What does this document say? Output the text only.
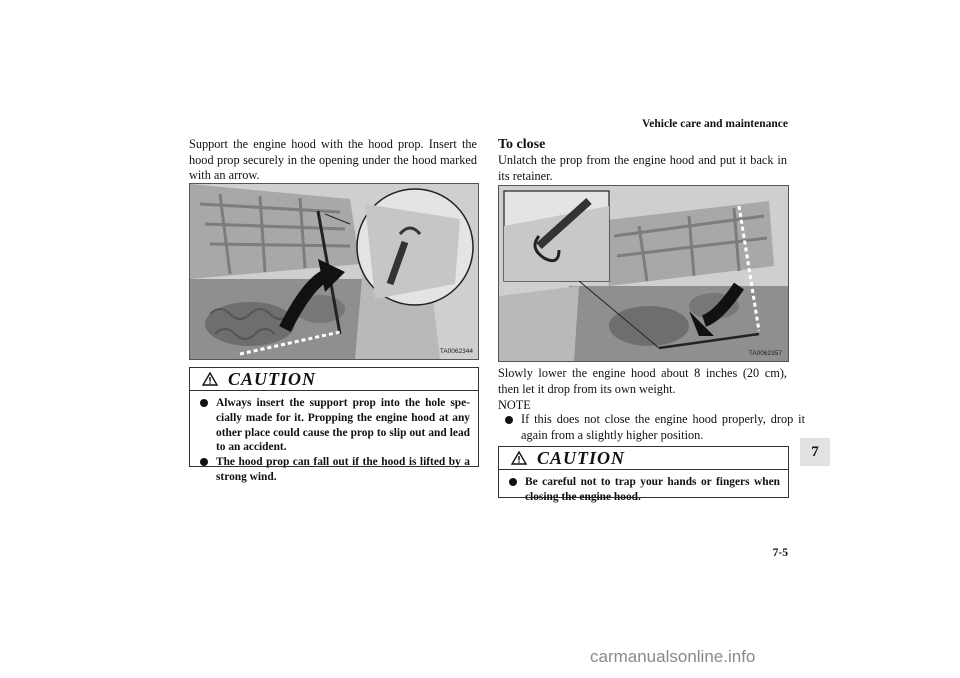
Vehicle care and maintenance
Support the engine hood with the hood prop. Insert the hood prop securely in the opening under the hood marked with an arrow.
TA0062344
CAUTION
Always insert the support prop into the hole spe-cially made for it. Propping the engine hood at any other place could cause the prop to slip out and lead to an accident.
The hood prop can fall out if the hood is lifted by a strong wind.
To close
Unlatch the prop from the engine hood and put it back in its retainer.
TA0062357
Slowly lower the engine hood about 8 inches (20 cm), then let it drop from its own weight.
NOTE
If this does not close the engine hood properly, drop it again from a slightly higher position.
CAUTION
Be careful not to trap your hands or fingers when closing the engine hood.
7
7-5
carmanualsonline.info
